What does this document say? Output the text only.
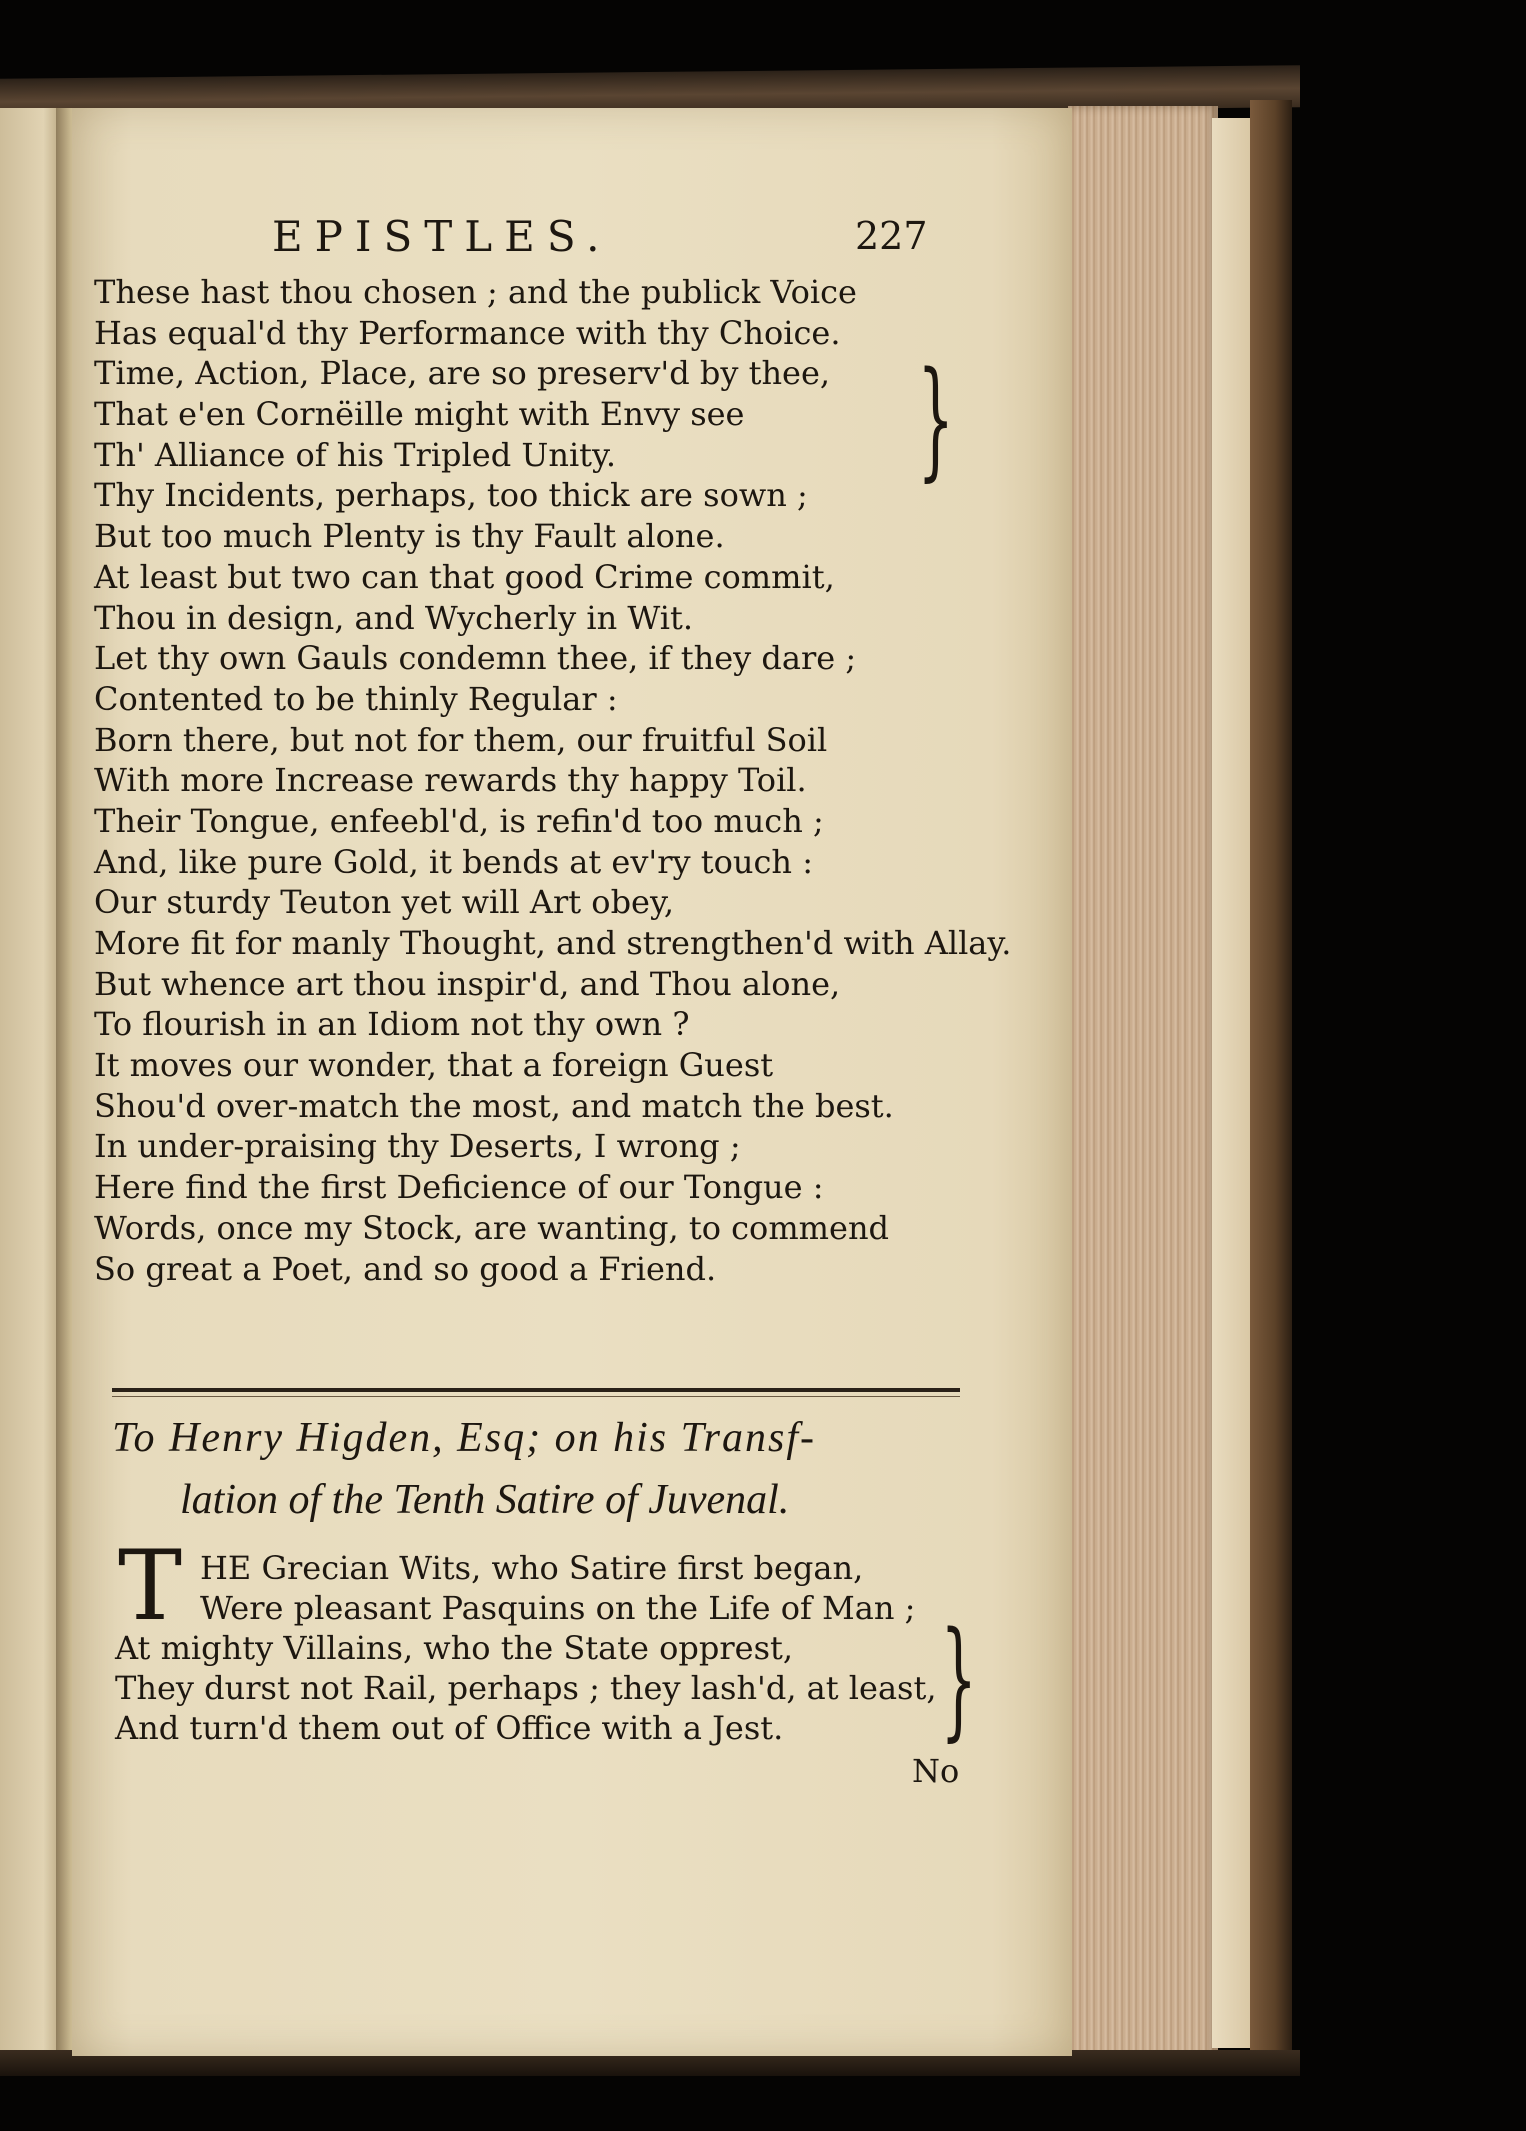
EPISTLES.	227
These hast thou chosen ; and the publick Voice
Has equal'd thy Performance with thy Choice.
Time, Action, Place, are so preserv'd by thee,
That e'en Cornëille might with Envy see
Th' Alliance of his Tripled Unity.
Thy Incidents, perhaps, too thick are sown ;
But too much Plenty is thy Fault alone.
At least but two can that good Crime commit,
Thou in design, and Wycherly in Wit.
Let thy own Gauls condemn thee, if they dare ;
Contented to be thinly Regular :
Born there, but not for them, our fruitful Soil
With more Increase rewards thy happy Toil.
Their Tongue, enfeebl'd, is refin'd too much ;
And, like pure Gold, it bends at ev'ry touch :
Our sturdy Teuton yet will Art obey,
More fit for manly Thought, and strengthen'd with Allay.
But whence art thou inspir'd, and Thou alone,
To flourish in an Idiom not thy own ?
It moves our wonder, that a foreign Guest
Shou'd over-match the most, and match the best.
In under-praising thy Deserts, I wrong ;
Here find the first Deficience of our Tongue :
Words, once my Stock, are wanting, to commend
So great a Poet, and so good a Friend.
}
To Henry Higden, Esq; on his Transf-
lation of the Tenth Satire of Juvenal.
T HE Grecian Wits, who Satire first began,
Were pleasant Pasquins on the Life of Man ;
At mighty Villains, who the State opprest,
They durst not Rail, perhaps ; they lash'd, at least,
And turn'd them out of Office with a Jest.	}
No
